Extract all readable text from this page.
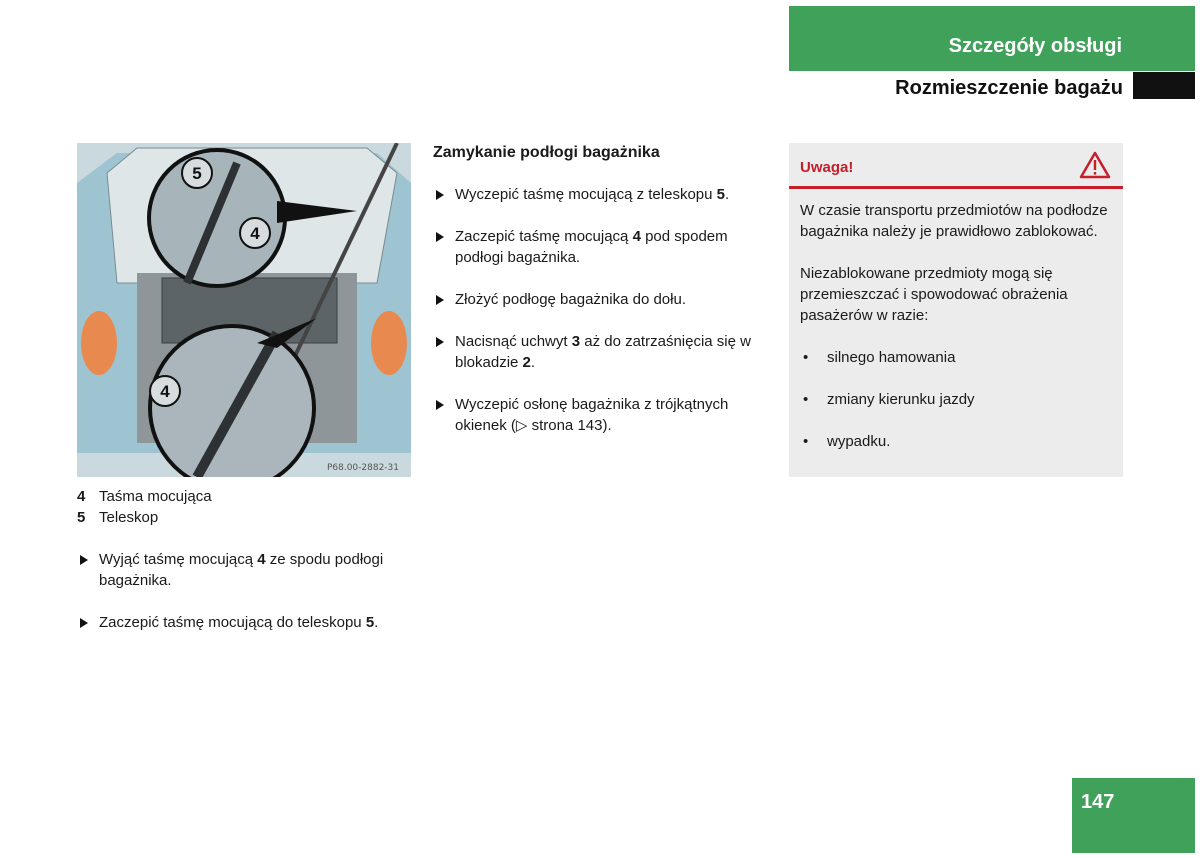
Szczegóły obsługi
Rozmieszczenie bagażu
5
4
4
P68.00-2882-31
4 Taśma mocująca
5 Teleskop
Wyjąć taśmę mocującą 4 ze spodu podłogi bagażnika.
Zaczepić taśmę mocującą do teleskopu 5.
Zamykanie podłogi bagażnika
Wyczepić taśmę mocującą z teleskopu 5.
Zaczepić taśmę mocującą 4 pod spodem podłogi bagażnika.
Złożyć podłogę bagażnika do dołu.
Nacisnąć uchwyt 3 aż do zatrzaśnięcia się w blokadzie 2.
Wyczepić osłonę bagażnika z trójkątnych okienek (▷ strona 143).
Uwaga!

W czasie transportu przedmiotów na podłodze bagażnika należy je prawidłowo zablokować.

Niezablokowane przedmioty mogą się przemieszczać i spowodować obrażenia pasażerów w razie:

• silnego hamowania
• zmiany kierunku jazdy
• wypadku.
147
